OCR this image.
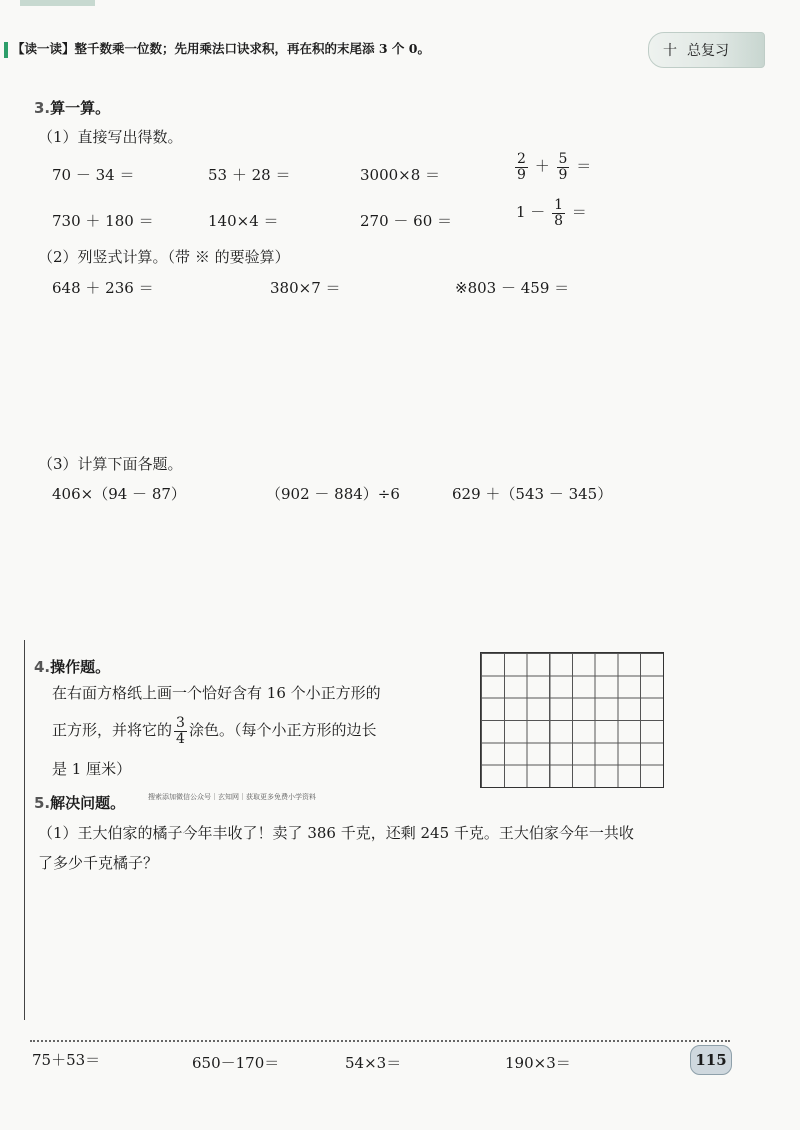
【读一读】整千数乘一位数；先用乘法口诀求积，再在积的末尾添 3 个 0。	十 总复习
3.算一算。
（1）直接写出得数。
70 － 34 ＝	53 ＋ 28 ＝	3000×8 ＝	$\frac{2}{9} + \frac{5}{9}$ ＝
730 ＋ 180 ＝	140×4 ＝	270 － 60 ＝	$1 - \frac{1}{8}$ ＝
（2）列竖式计算。（带 ※ 的要验算）
648 ＋ 236 ＝	380×7 ＝	※803 － 459 ＝
（3）计算下面各题。
406×（94 － 87）	（902 － 884）÷6	629 ＋（543 － 345）
4.操作题。
在右面方格纸上画一个恰好含有 16 个小正方形的
正方形，并将它的 $\frac{3}{4}$ 涂色。（每个小正方形的边长
是 1 厘米）
5.解决问题。	搜索添加微信公众号｜玄知网｜获取更多免费小学资料
（1）王大伯家的橘子今年丰收了！卖了 386 千克，还剩 245 千克。王大伯家今年一共收
了多少千克橘子？
75＋53＝	650－170＝	54×3＝	190×3＝	115
